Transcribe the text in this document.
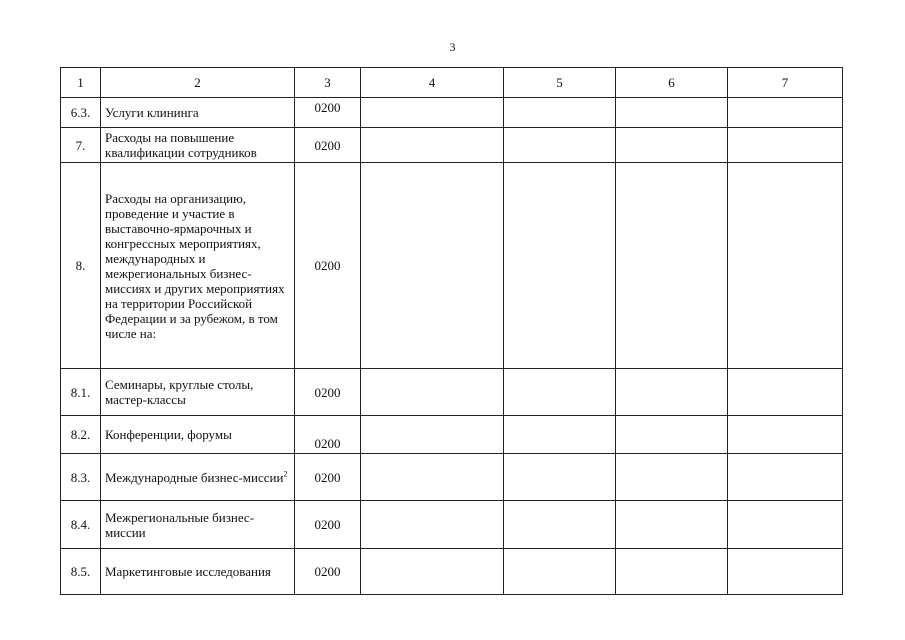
3
1	2	3	4	5	6	7
6.3.	Услуги клининга	0200				
7.	Расходы на повышение квалификации сотрудников	0200				
8.	Расходы на организацию, проведение и участие в выставочно-ярмарочных и конгрессных мероприятиях, международных и межрегиональных бизнес-миссиях и других мероприятиях на территории Российской Федерации и за рубежом, в том числе на:	0200				
8.1.	Семинары, круглые столы, мастер-классы	0200				
8.2.	Конференции, форумы	0200				
8.3.	Международные бизнес-миссии$^2$	0200				
8.4.	Межрегиональные бизнес-миссии	0200				
8.5.	Маркетинговые исследования	0200				
